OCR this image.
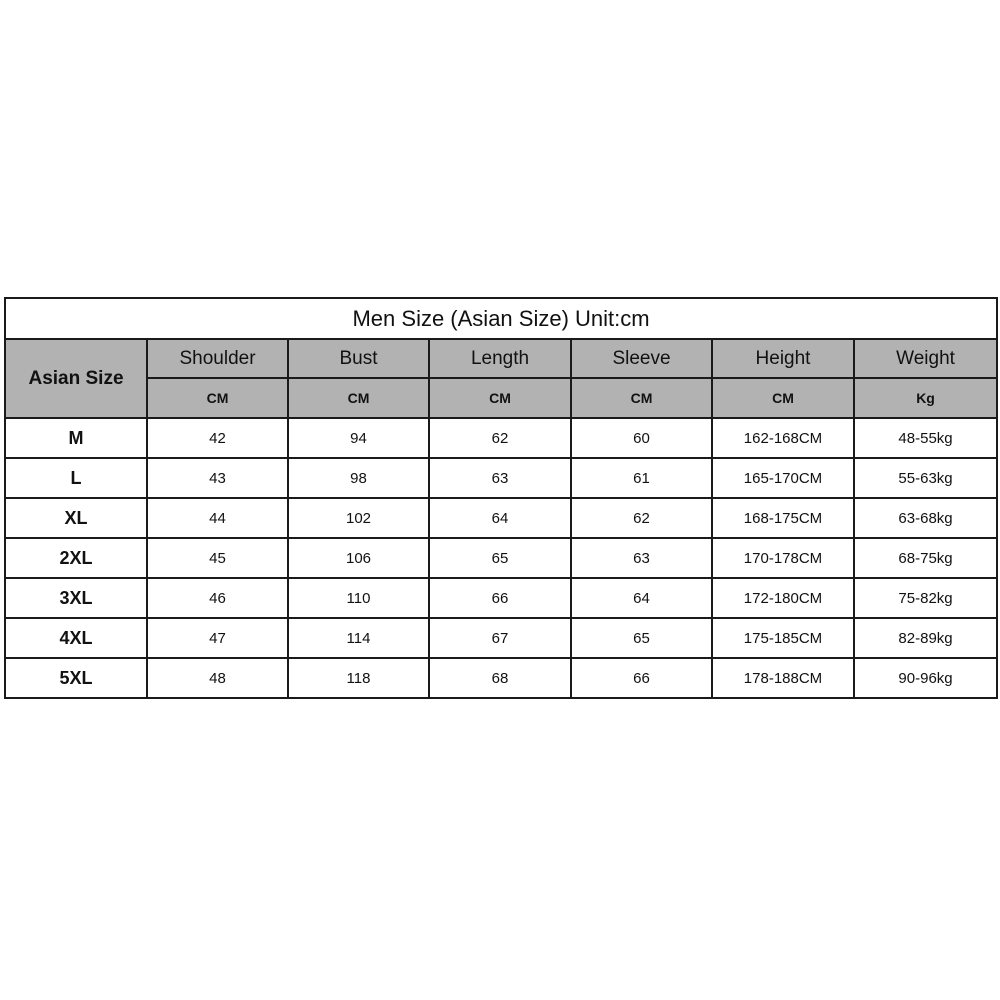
Men Size (Asian Size) Unit:cm						
Asian Size	Shoulder	Bust	Length	Sleeve	Height	Weight
	CM	CM	CM	CM	CM	Kg
M	42	94	62	60	162-168CM	48-55kg
L	43	98	63	61	165-170CM	55-63kg
XL	44	102	64	62	168-175CM	63-68kg
2XL	45	106	65	63	170-178CM	68-75kg
3XL	46	110	66	64	172-180CM	75-82kg
4XL	47	114	67	65	175-185CM	82-89kg
5XL	48	118	68	66	178-188CM	90-96kg
